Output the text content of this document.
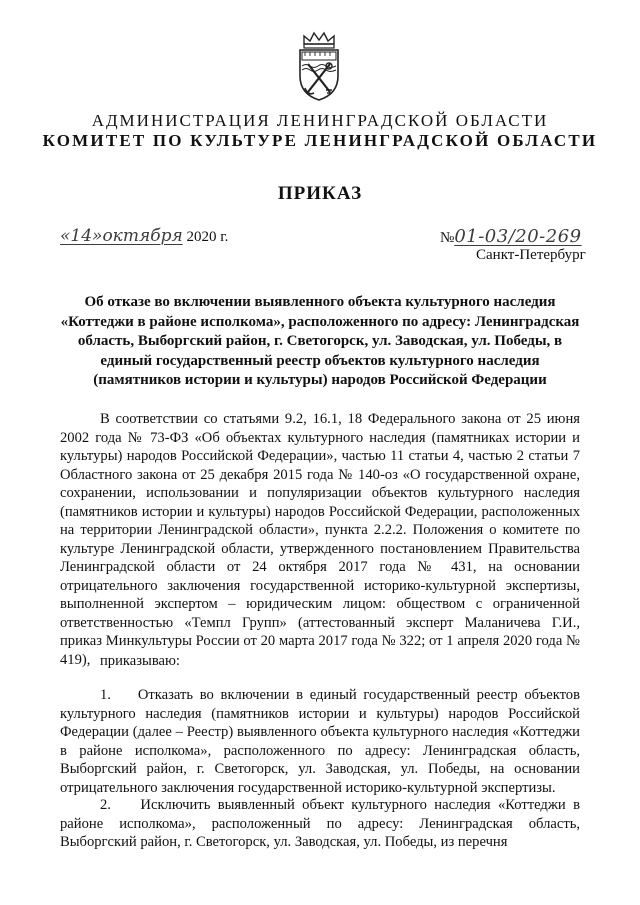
АДМИНИСТРАЦИЯ ЛЕНИНГРАДСКОЙ ОБЛАСТИ
КОМИТЕТ ПО КУЛЬТУРЕ ЛЕНИНГРАДСКОЙ ОБЛАСТИ
ПРИКАЗ
«14»октября 2020 г.	№01-03/20-269
Санкт-Петербург
Об отказе во включении выявленного объекта культурного наследия «Коттеджи в районе исполкома», расположенного по адресу: Ленинградская область, Выборгский район, г. Светогорск, ул. Заводская, ул. Победы, в единый государственный реестр объектов культурного наследия (памятников истории и культуры) народов Российской Федерации

В соответствии со статьями 9.2, 16.1, 18 Федерального закона от 25 июня 2002 года № 73-ФЗ «Об объектах культурного наследия (памятниках истории и культуры) народов Российской Федерации», частью 11 статьи 4, частью 2 статьи 7 Областного закона от 25 декабря 2015 года № 140-оз «О государственной охране, сохранении, использовании и популяризации объектов культурного наследия (памятников истории и культуры) народов Российской Федерации, расположенных на территории Ленинградской области», пункта 2.2.2. Положения о комитете по культуре Ленинградской области, утвержденного постановлением Правительства Ленинградской области от 24 октября 2017 года № 431, на основании отрицательного заключения государственной историко-культурной экспертизы, выполненной экспертом – юридическим лицом: обществом с ограниченной ответственностью «Темпл Групп» (аттестованный эксперт Маланичева Г.И., приказ Минкультуры России от 20 марта 2017 года № 322; от 1 апреля 2020 года № 419), приказываю:

1.    Отказать во включении в единый государственный реестр объектов культурного наследия (памятников истории и культуры) народов Российской Федерации (далее – Реестр) выявленного объекта культурного наследия «Коттеджи в районе исполкома», расположенного по адресу: Ленинградская область, Выборгский район, г. Светогорск, ул. Заводская, ул. Победы, на основании отрицательного заключения государственной историко-культурной экспертизы.

2.    Исключить выявленный объект культурного наследия «Коттеджи в районе исполкома», расположенный по адресу: Ленинградская область, Выборгский район, г. Светогорск, ул. Заводская, ул. Победы, из перечня
